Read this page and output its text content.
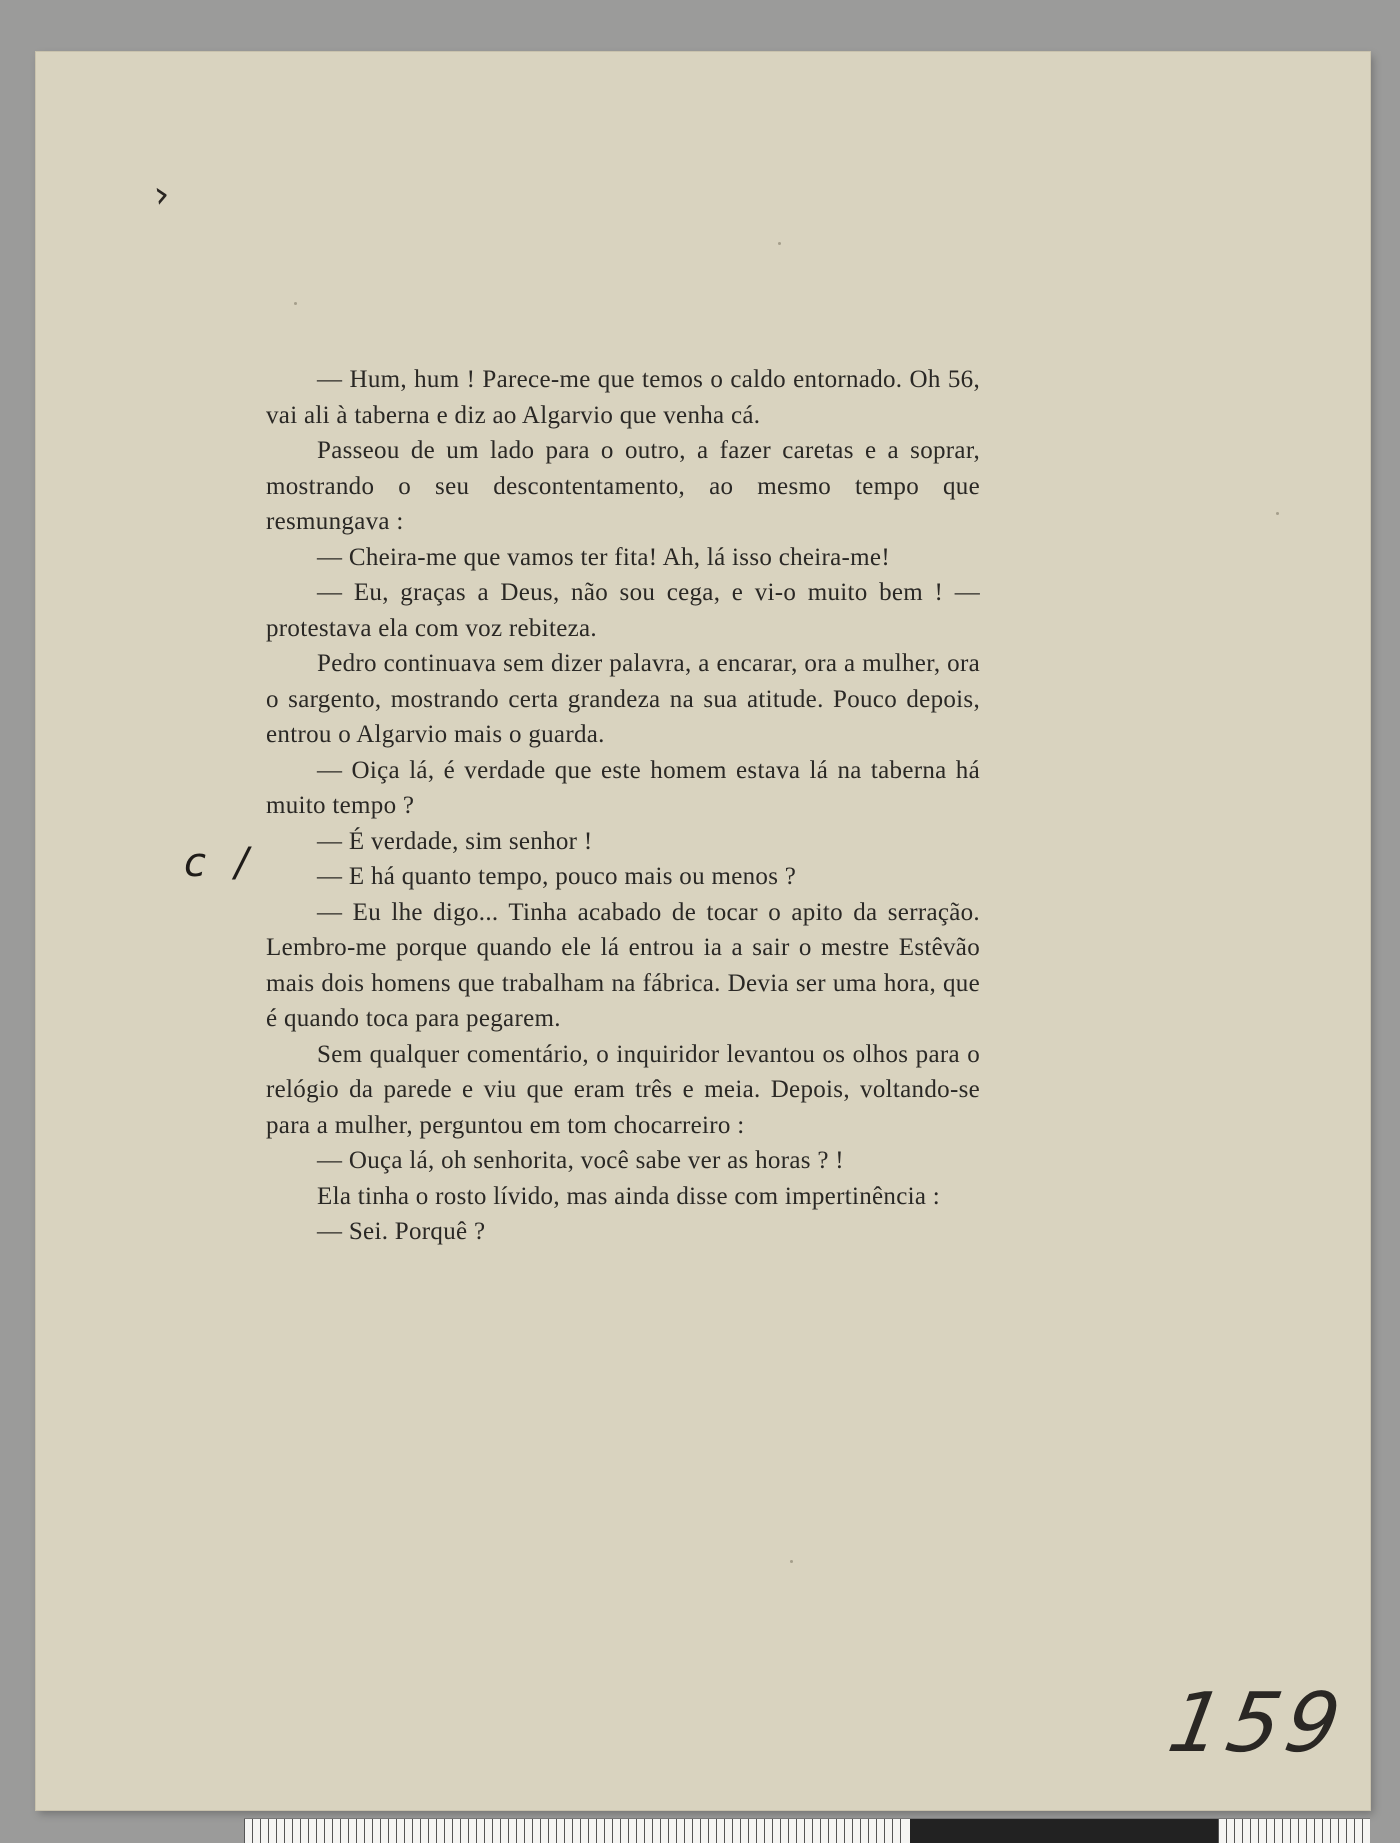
›

— Hum, hum ! Parece-me que temos o caldo entornado. Oh 56, vai ali à taberna e diz ao Algarvio que venha cá.

Passeou de um lado para o outro, a fazer caretas e a soprar, mostrando o seu descontentamento, ao mesmo tempo que resmungava :

— Cheira-me que vamos ter fita! Ah, lá isso cheira-me!

— Eu, graças a Deus, não sou cega, e vi-o muito bem ! — protestava ela com voz rebiteza.

Pedro continuava sem dizer palavra, a encarar, ora a mulher, ora o sargento, mostrando certa grandeza na sua atitude. Pouco depois, entrou o Algarvio mais o guarda.

— Oiça lá, é verdade que este homem estava lá na taberna há muito tempo ?

— É verdade, sim senhor !

— E há quanto tempo, pouco mais ou menos ?

— Eu lhe digo... Tinha acabado de tocar o apito da serração. Lembro-me porque quando ele lá entrou ia a sair o mestre Estêvão mais dois homens que trabalham na fábrica. Devia ser uma hora, que é quando toca para pegarem.

Sem qualquer comentário, o inquiridor levantou os olhos para o relógio da parede e viu que eram três e meia. Depois, voltando-se para a mulher, perguntou em tom chocarreiro :

— Ouça lá, oh senhorita, você sabe ver as horas ? !

Ela tinha o rosto lívido, mas ainda disse com impertinência :

— Sei. Porquê ?

c /
159
